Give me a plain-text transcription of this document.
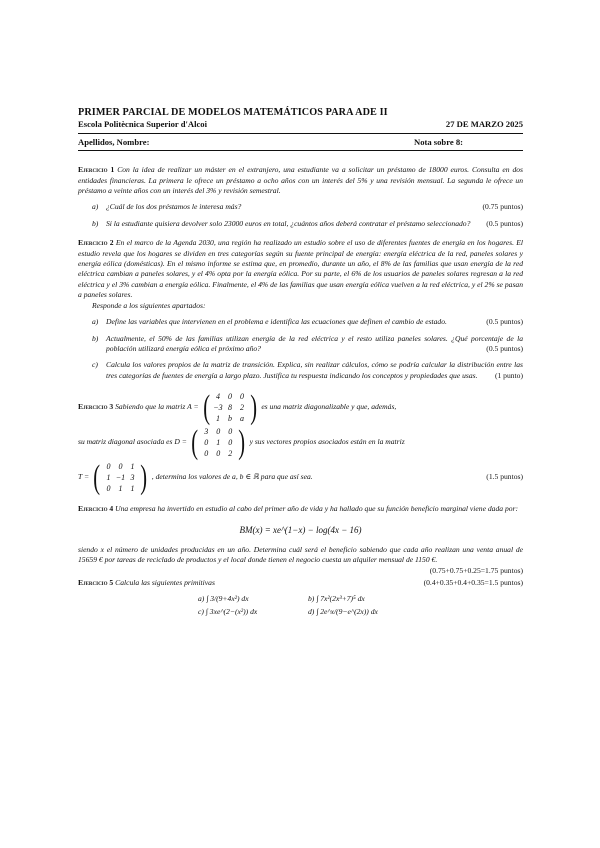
PRIMER PARCIAL DE MODELOS MATEMÁTICOS PARA ADE II
Escola Politècnica Superior d'Alcoi	27 DE MARZO 2025
Apellidos, Nombre:	Nota sobre 8:
Ejercicio 1 Con la idea de realizar un máster en el extranjero, una estudiante va a solicitar un préstamo de 18000 euros. Consulta en dos entidades financieras. La primera le ofrece un préstamo a ocho años con un interés del 5% y una revisión mensual. La segunda le ofrece un préstamo a veinte años con un interés del 3% y revisión semestral.
a)	¿Cuál de los dos préstamos le interesa más?	(0.75 puntos)
b)	Si la estudiante quisiera devolver solo 23000 euros en total, ¿cuántos años deberá contratar el préstamo seleccionado? (0.5 puntos)
Ejercicio 2 En el marco de la Agenda 2030, una región ha realizado un estudio sobre el uso de diferentes fuentes de energía en los hogares. El estudio revela que los hogares se dividen en tres categorías según su fuente principal de energía: energía eléctrica de la red, paneles solares y energía eólica (domésticas). En el mismo informe se estima que, en promedio, durante un año, el 8% de las familias que usan energía de la red eléctrica cambian a paneles solares, y el 4% opta por la energía eólica. Por su parte, el 6% de los usuarios de paneles solares regresan a la red eléctrica y el 3% cambian a energía eólica. Finalmente, el 4% de las familias que usan energía eólica vuelven a la red eléctrica, y el 2% se pasan a paneles solares.
Responde a los siguientes apartados:
a)	Define las variables que intervienen en el problema e identifica las ecuaciones que definen el cambio de estado.	(0.5 puntos)
b)	Actualmente, el 50% de las familias utilizan energía de la red eléctrica y el resto utiliza paneles solares. ¿Qué porcentaje de la población utilizará energía eólica el próximo año?	(0.5 puntos)
c)	Calcula los valores propios de la matriz de transición. Explica, sin realizar cálculos, cómo se podría calcular la distribución entre las tres categorías de fuentes de energía a largo plazo. Justifica tu respuesta indicando los conceptos y propiedades que usas. (1 punto)
Ejercicio 3
Sabiendo que la matriz A = ( 4	0	0
−3 8	2
1	b	a ) es una matriz diagonalizable y que, además,
su matriz diagonal asociada es D = ( 3	0	0
0	1	0
0	0	2 ) y sus vectores propios asociados están en la matriz
T = ( 0	0	1
1 −1 3
0	1	1 ) , determina los valores de a, b ∈ ℝ para que así sea.	(1.5 puntos)
Ejercicio 4 Una empresa ha invertido en estudio al cabo del primer año de vida y ha hallado que su función beneficio marginal viene dada por:
BM(x) = xe^(1−x) − log(4x − 16)
siendo x el número de unidades producidas en un año. Determina cuál será el beneficio sabiendo que cada año realizan una venta anual de 15659 € por tareas de reciclado de productos y el local donde tienen el negocio cuesta un alquiler mensual de 1150 €.
(0.75+0.75+0.25=1.75 puntos)
Ejercicio 5 Calcula las siguientes primitivas	(0.4+0.35+0.4+0.35=1.5 puntos)
a) ∫ 3/(9+4x²) dx	b) ∫ 7x²(2x³+7)⁵ dx
c) ∫ 3xe^(2−(x²)) dx	d) ∫ 2e^x/(9−e^(2x)) dx
